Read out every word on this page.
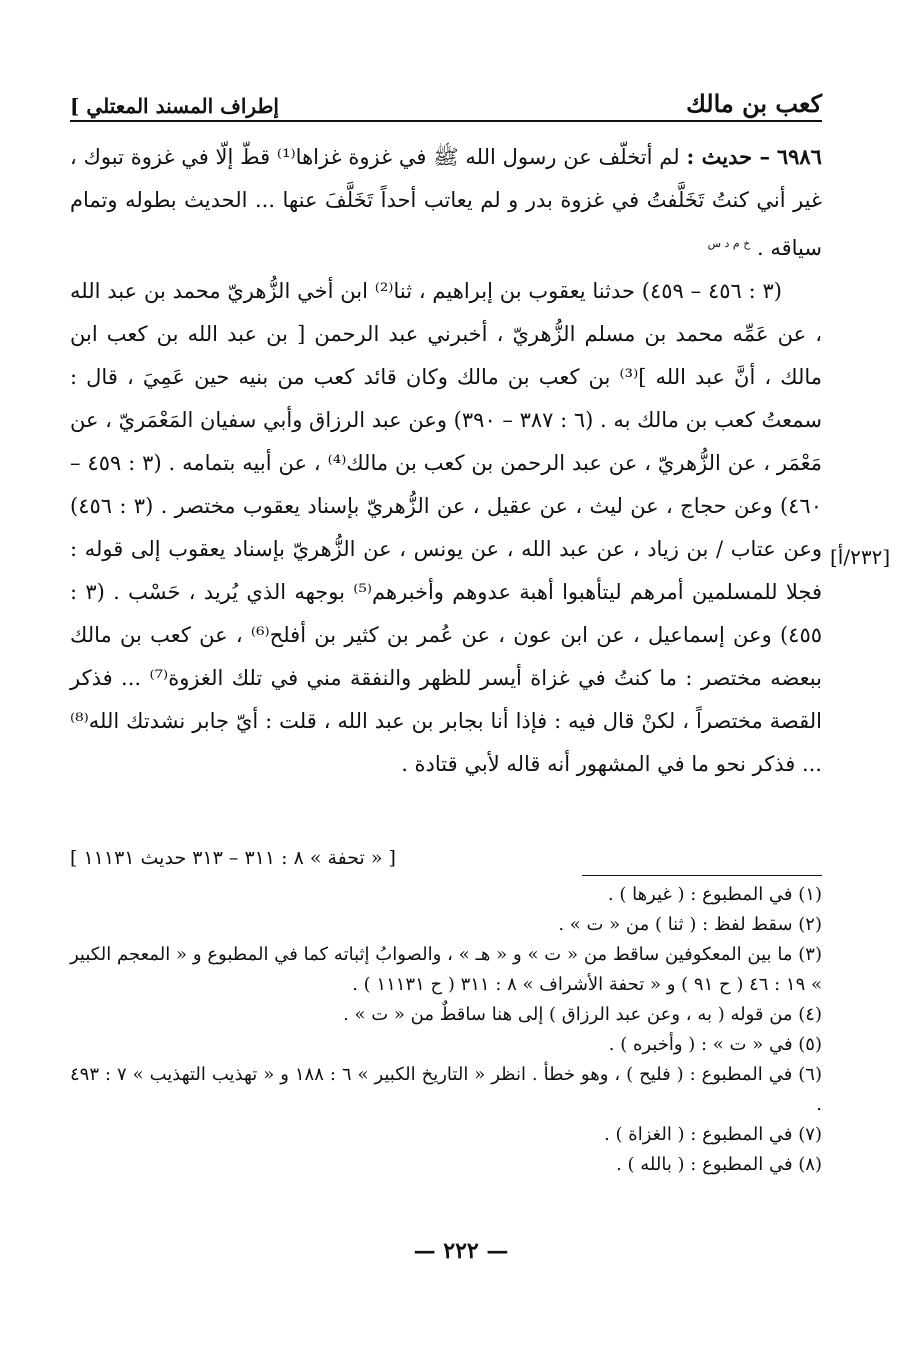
إطراف المسند المعتلي ]	كعب بن مالك

٦٩٨٦ – حديث : لم أتخلّف عن رسول الله ﷺ في غزوة غزاها⁽¹⁾ قطّ إلّا في غزوة تبوك ، غير أني كنتُ تَخَلَّفتُ في غزوة بدر و لم يعاتب أحداً تَخَلَّفَ عنها ... الحديث بطوله وتمام سياقه . $^{خ م د س}$

(٣ : ٤٥٦ – ٤٥٩) حدثنا يعقوب بن إبراهيم ، ثنا⁽²⁾ ابن أخي الزُّهريّ محمد بن عبد الله ، عن عَمِّه محمد بن مسلم الزُّهريّ ، أخبرني عبد الرحمن [ بن عبد الله بن كعب ابن مالك ، أنَّ عبد الله ]⁽³⁾ بن كعب بن مالك وكان قائد كعب من بنيه حين عَمِيَ ، قال : سمعتُ كعب بن مالك به . (٦ : ٣٨٧ – ٣٩٠) وعن عبد الرزاق وأبي سفيان المَعْمَريّ ، عن مَعْمَر ، عن الزُّهريّ ، عن عبد الرحمن بن كعب بن مالك⁽⁴⁾ ، عن أبيه بتمامه . (٣ : ٤٥٩ – ٤٦٠) وعن حجاج ، عن ليث ، عن عقيل ، عن الزُّهريّ بإسناد يعقوب مختصر . (٣ : ٤٥٦) وعن عتاب / بن زياد ، عن عبد الله ، عن يونس ، عن الزُّهريّ بإسناد يعقوب إلى قوله : فجلا للمسلمين أمرهم ليتأهبوا أهبة عدوهم وأخبرهم⁽⁵⁾ بوجهه الذي يُريد ، حَسْب . (٣ : ٤٥٥) وعن إسماعيل ، عن ابن عون ، عن عُمر بن كثير بن أفلح⁽⁶⁾ ، عن كعب بن مالك ببعضه مختصر : ما كنتُ في غزاة أيسر للظهر والنفقة مني في تلك الغزوة⁽⁷⁾ ... فذكر القصة مختصراً ، لكنْ قال فيه : فإذا أنا بجابر بن عبد الله ، قلت : أيّ جابر نشدتك الله⁽⁸⁾ ... فذكر نحو ما في المشهور أنه قاله لأبي قتادة .

[٢٣٢/أ]
[ « تحفة » ٨ : ٣١١ – ٣١٣ حديث ١١١٣١ ]

(١) في المطبوع : ( غيرها ) .

(٢) سقط لفظ : ( ثنا ) من « ت » .

(٣) ما بين المعكوفين ساقط من « ت » و « هـ » ، والصوابُ إثباته كما في المطبوع و « المعجم الكبير » ١٩ : ٤٦ ( ح ٩١ ) و « تحفة الأشراف » ٨ : ٣١١ ( ح ١١١٣١ ) .

(٤) من قوله ( به ، وعن عبد الرزاق ) إلى هنا ساقطٌ من « ت » .

(٥) في « ت » : ( وأخبره ) .

(٦) في المطبوع : ( فليح ) ، وهو خطأ . انظر « التاريخ الكبير » ٦ : ١٨٨ و « تهذيب التهذيب » ٧ : ٤٩٣ .

(٧) في المطبوع : ( الغزاة ) .

(٨) في المطبوع : ( بالله ) .

— ٢٢٢ —
